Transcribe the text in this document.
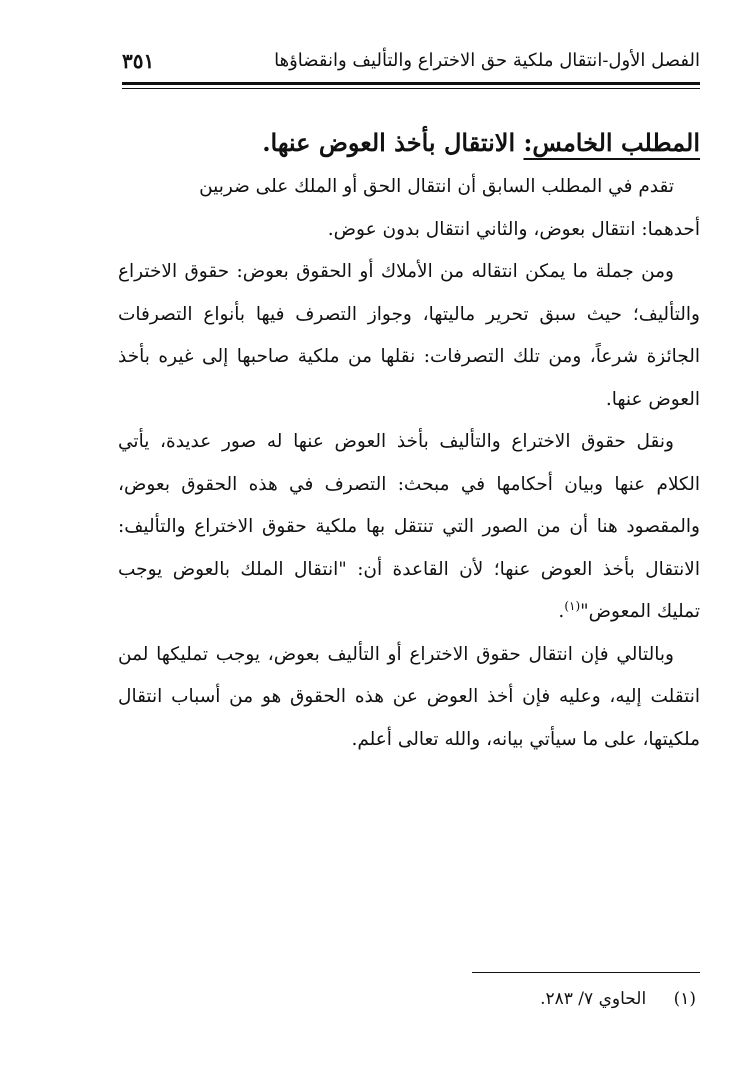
الفصل الأول-انتقال ملكية حق الاختراع والتأليف وانقضاؤها
٣٥١
المطلب الخامس: الانتقال بأخذ العوض عنها.

تقدم في المطلب السابق أن انتقال الحق أو الملك على ضربين

أحدهما: انتقال بعوض، والثاني انتقال بدون عوض.

ومن جملة ما يمكن انتقاله من الأملاك أو الحقوق بعوض: حقوق الاختراع والتأليف؛ حيث سبق تحرير ماليتها، وجواز التصرف فيها بأنواع التصرفات الجائزة شرعاً، ومن تلك التصرفات: نقلها من ملكية صاحبها إلى غيره بأخذ العوض عنها.

ونقل حقوق الاختراع والتأليف بأخذ العوض عنها له صور عديدة، يأتي الكلام عنها وبيان أحكامها في مبحث: التصرف في هذه الحقوق بعوض، والمقصود هنا أن من الصور التي تنتقل بها ملكية حقوق الاختراع والتأليف: الانتقال بأخذ العوض عنها؛ لأن القاعدة أن: "انتقال الملك بالعوض يوجب تمليك المعوض"$^{(١)}$.

وبالتالي فإن انتقال حقوق الاختراع أو التأليف بعوض، يوجب تمليكها لمن انتقلت إليه، وعليه فإن أخذ العوض عن هذه الحقوق هو من أسباب انتقال ملكيتها، على ما سيأتي بيانه، والله تعالى أعلم.

(١) الحاوي ٧/ ٢٨٣.
